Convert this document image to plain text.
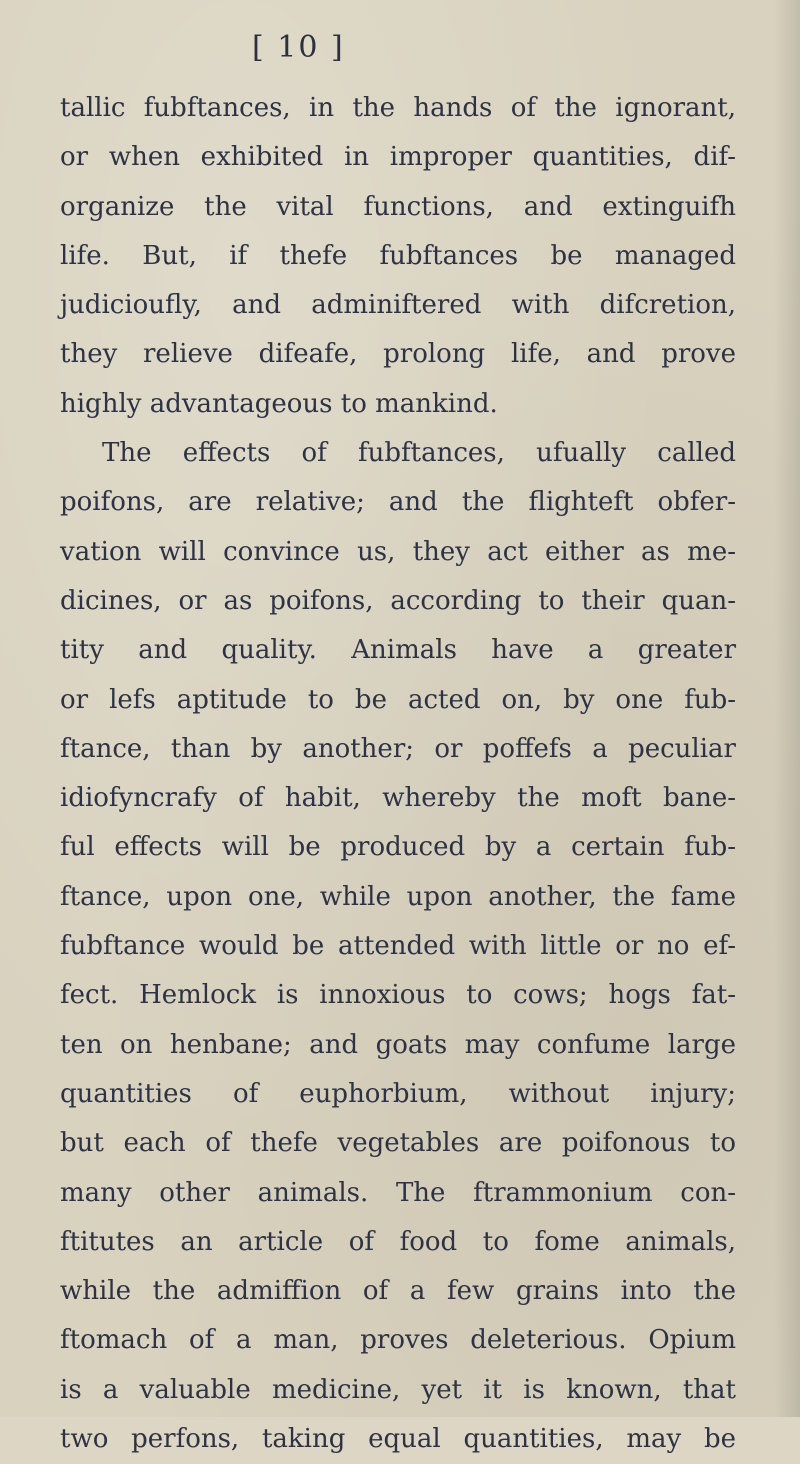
[ 10 ]
tallic fubftances, in the hands of the ignorant,
or when exhibited in improper quantities, dif-
organize the vital functions, and extinguifh
life. But, if thefe fubftances be managed
judicioufly, and adminiftered with difcretion,
they relieve difeafe, prolong life, and prove
highly advantageous to mankind.
The effects of fubftances, ufually called
poifons, are relative; and the flighteft obfer-
vation will convince us, they act either as me-
dicines, or as poifons, according to their quan-
tity and quality. Animals have a greater
or lefs aptitude to be acted on, by one fub-
ftance, than by another; or poffefs a peculiar
idiofyncrafy of habit, whereby the moft bane-
ful effects will be produced by a certain fub-
ftance, upon one, while upon another, the fame
fubftance would be attended with little or no ef-
fect. Hemlock is innoxious to cows; hogs fat-
ten on henbane; and goats may confume large
quantities of euphorbium, without injury;
but each of thefe vegetables are poifonous to
many other animals. The ftrammonium con-
ftitutes an article of food to fome animals,
while the admiffion of a few grains into the
ftomach of a man, proves deleterious. Opium
is a valuable medicine, yet it is known, that
two perfons, taking equal quantities, may be
